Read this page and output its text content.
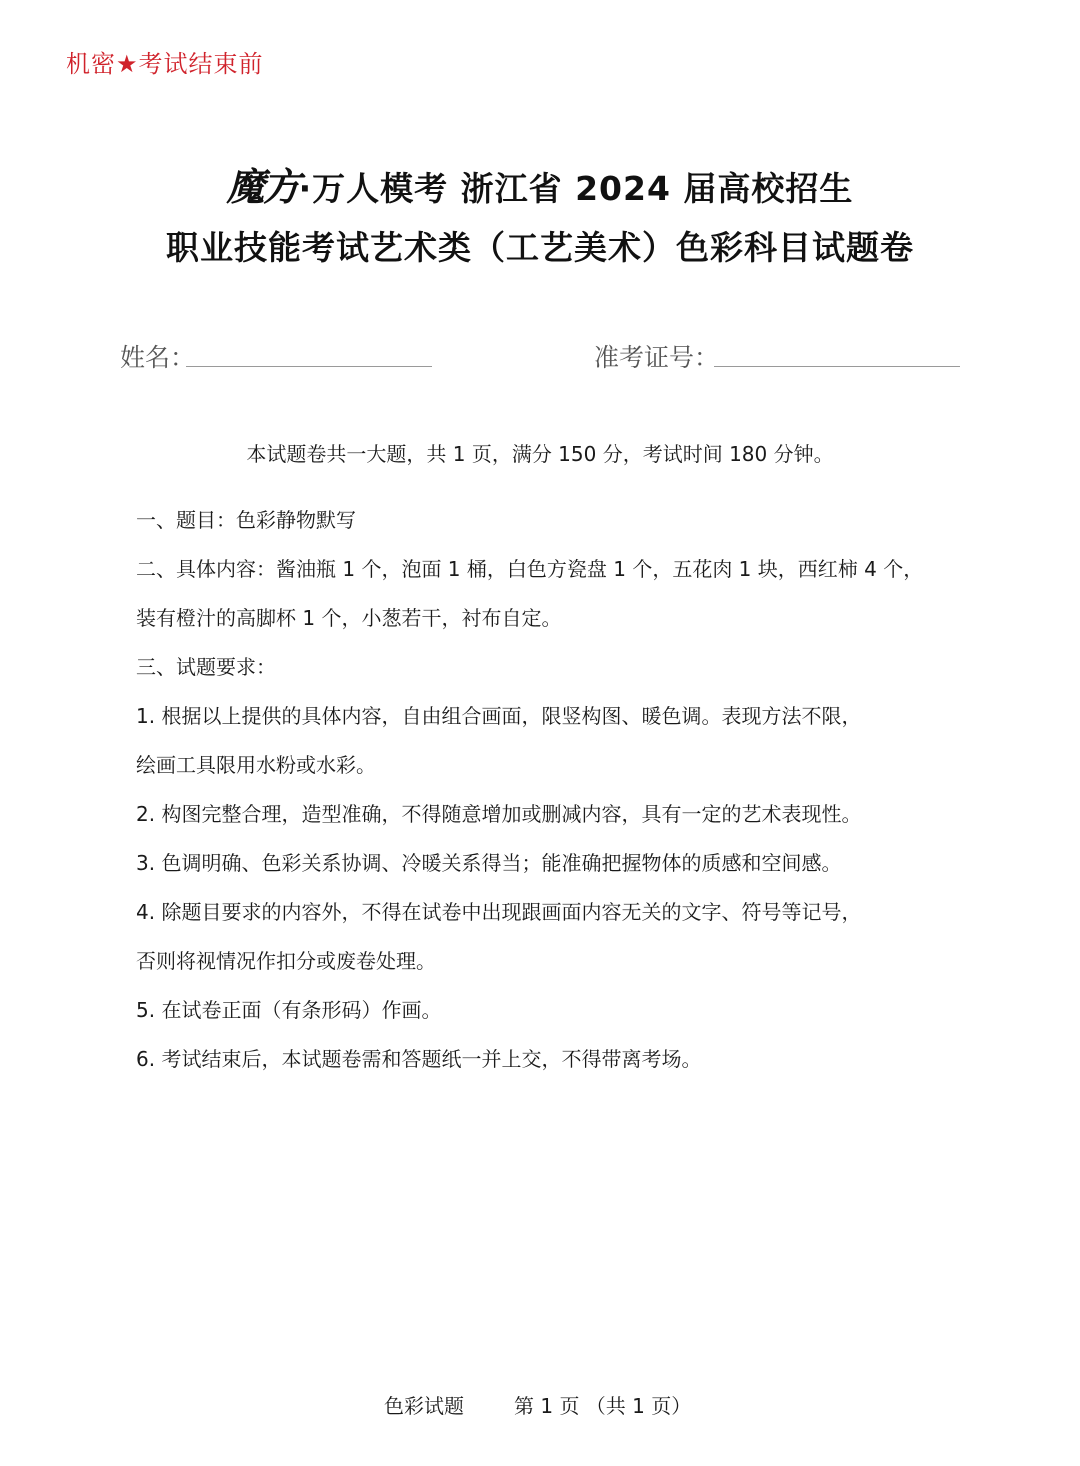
机密★考试结束前
魔方·万人模考 浙江省 2024 届高校招生
职业技能考试艺术类（工艺美术）色彩科目试题卷
姓名：	准考证号：
本试题卷共一大题，共 1 页，满分 150 分，考试时间 180 分钟。
一、题目：色彩静物默写
二、具体内容：酱油瓶 1 个，泡面 1 桶，白色方瓷盘 1 个，五花肉 1 块，西红柿 4 个，
装有橙汁的高脚杯 1 个，小葱若干，衬布自定。
三、试题要求：
1. 根据以上提供的具体内容，自由组合画面，限竖构图、暖色调。表现方法不限，
绘画工具限用水粉或水彩。
2. 构图完整合理，造型准确，不得随意增加或删减内容，具有一定的艺术表现性。
3. 色调明确、色彩关系协调、冷暖关系得当；能准确把握物体的质感和空间感。
4. 除题目要求的内容外，不得在试卷中出现跟画面内容无关的文字、符号等记号，
否则将视情况作扣分或废卷处理。
5. 在试卷正面（有条形码）作画。
6. 考试结束后，本试题卷需和答题纸一并上交，不得带离考场。
色彩试题	第 1 页 （共 1 页）
